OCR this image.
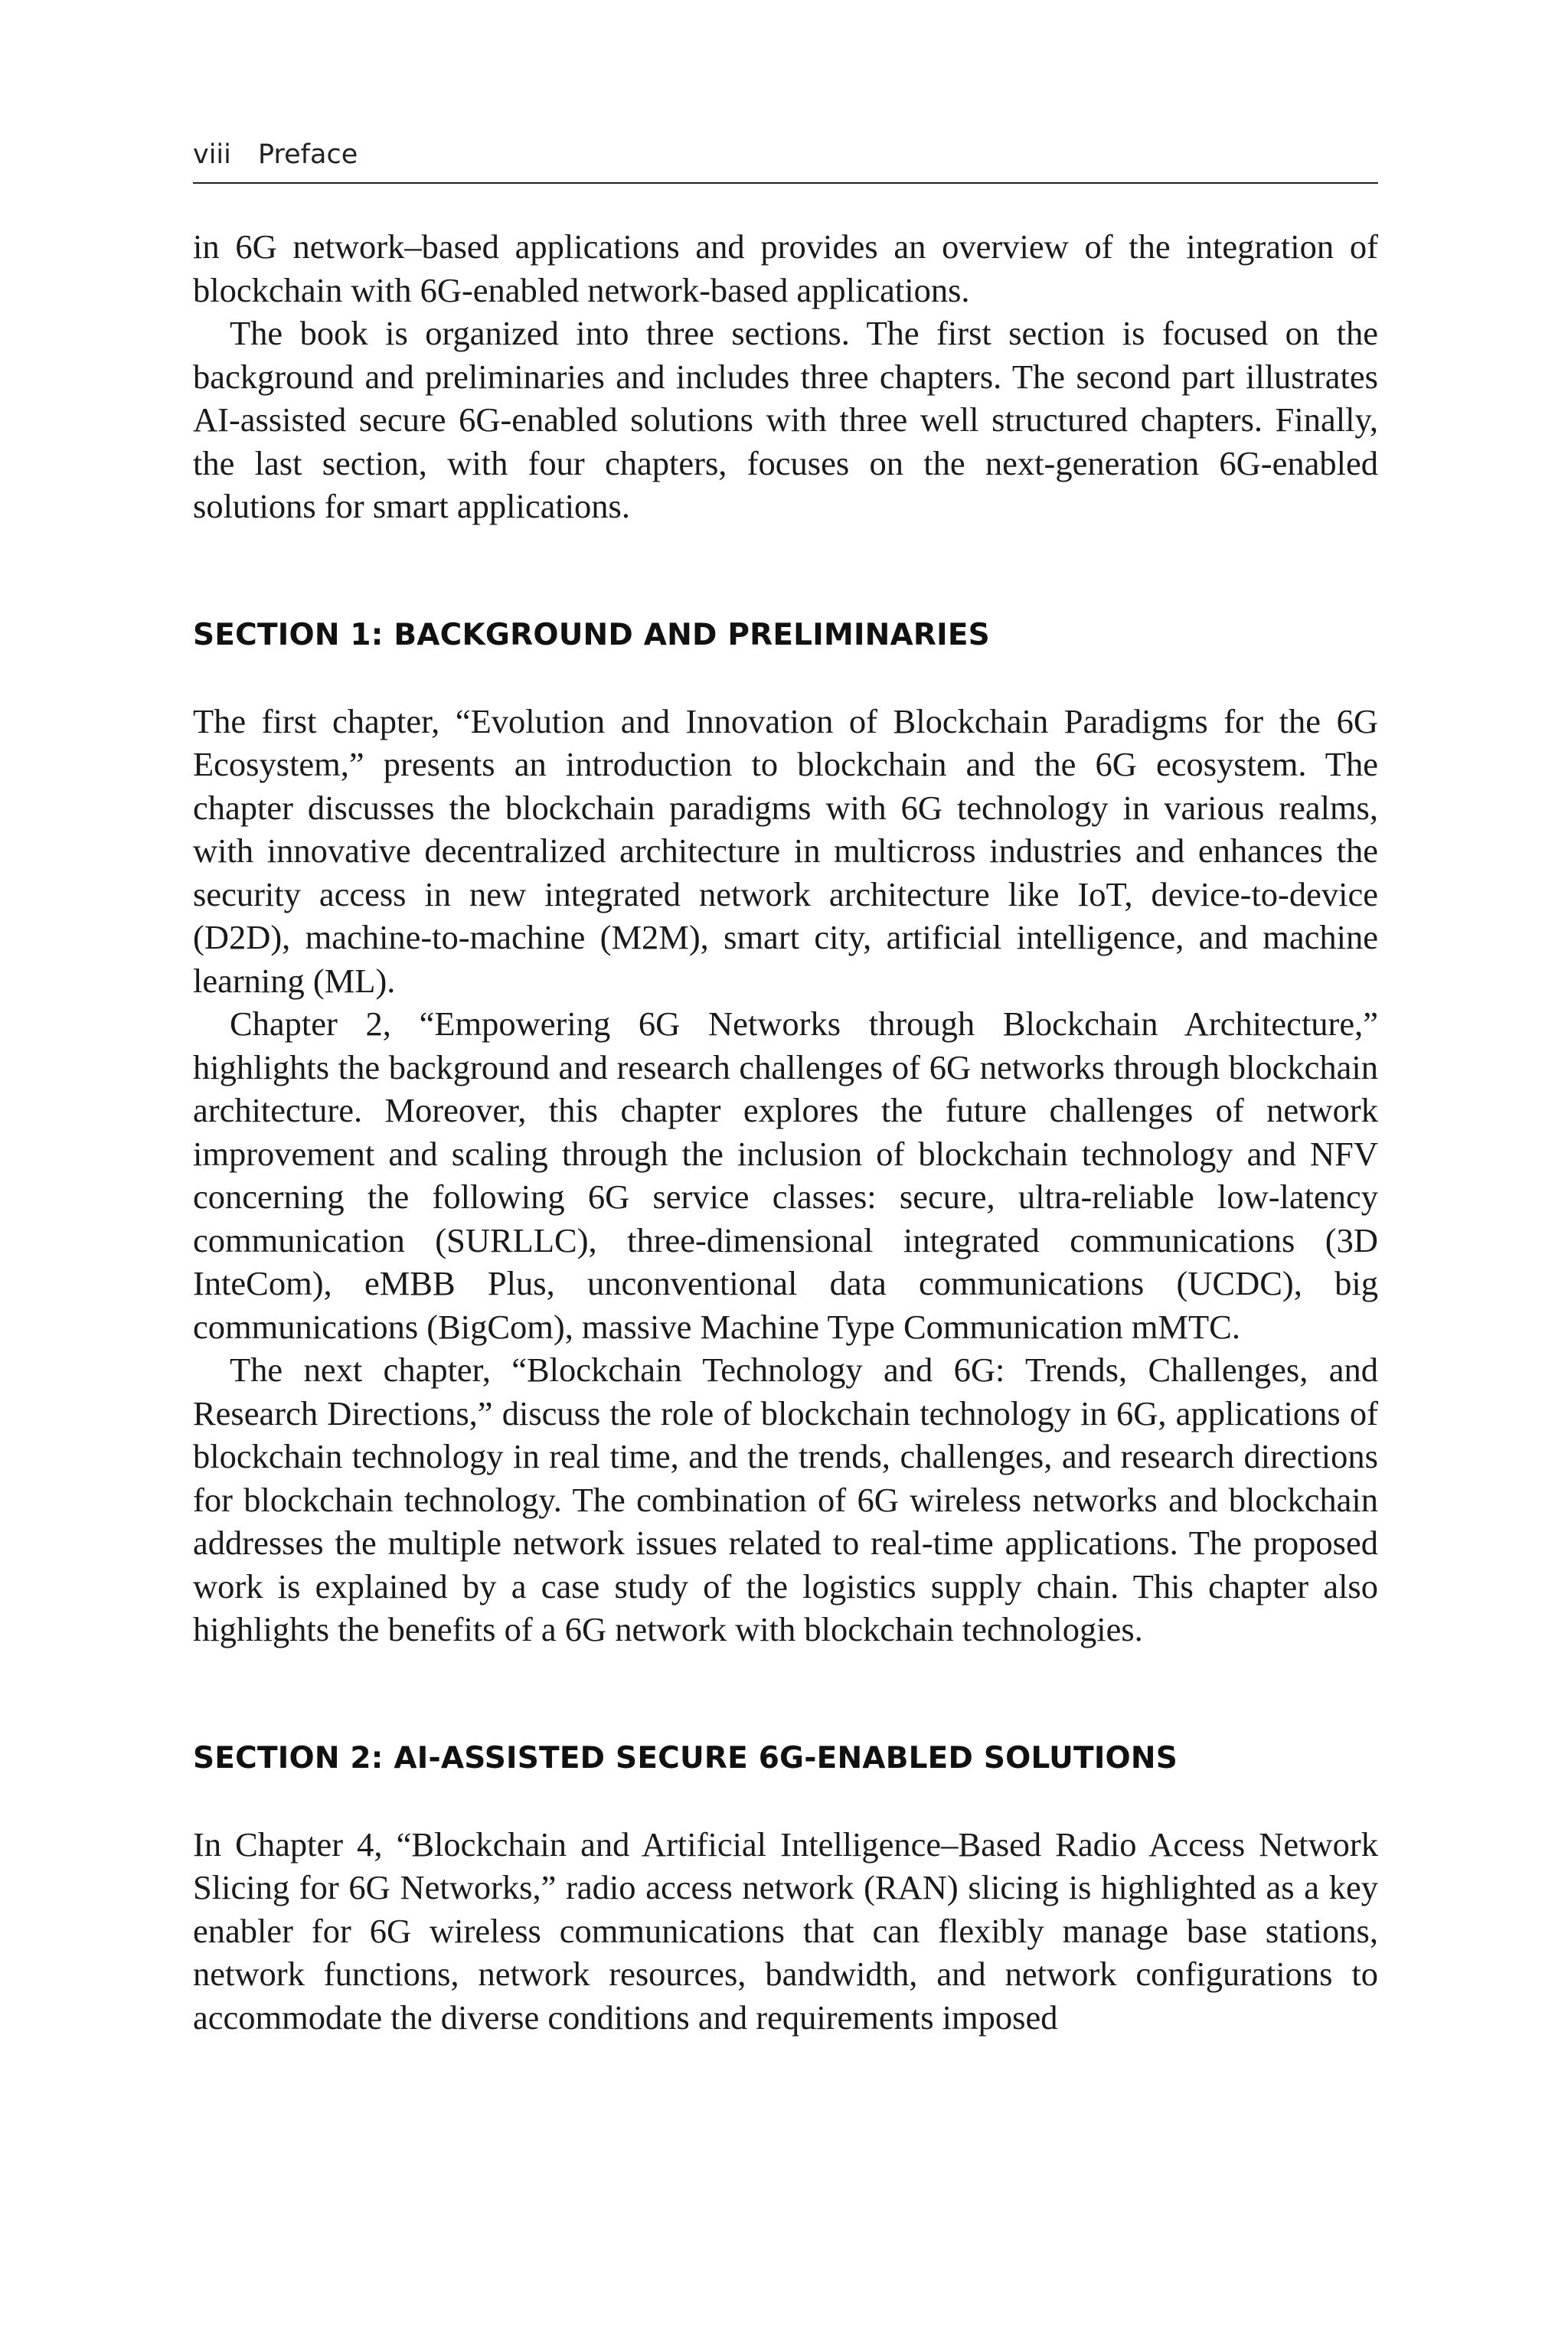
viii Preface

in 6G network–based applications and provides an overview of the integration of blockchain with 6G-enabled network-based applications.

The book is organized into three sections. The first section is focused on the background and preliminaries and includes three chapters. The second part illustrates AI-assisted secure 6G-enabled solutions with three well structured chapters. Finally, the last section, with four chapters, focuses on the next-generation 6G-enabled solutions for smart applications.

SECTION 1: BACKGROUND AND PRELIMINARIES

The first chapter, “Evolution and Innovation of Blockchain Paradigms for the 6G Ecosystem,” presents an introduction to blockchain and the 6G ecosystem. The chapter discusses the blockchain paradigms with 6G technology in various realms, with innovative decentralized architecture in multicross industries and enhances the security access in new integrated network architecture like IoT, device-to-device (D2D), machine-to-machine (M2M), smart city, artificial intelligence, and machine learning (ML).

Chapter 2, “Empowering 6G Networks through Blockchain Architecture,” highlights the background and research challenges of 6G networks through blockchain architecture. Moreover, this chapter explores the future challenges of network improvement and scaling through the inclusion of blockchain technology and NFV concerning the following 6G service classes: secure, ultra-reliable low-latency communication (SURLLC), three-dimensional integrated communications (3D InteCom), eMBB Plus, unconventional data communications (UCDC), big communications (BigCom), massive Machine Type Communication mMTC.

The next chapter, “Blockchain Technology and 6G: Trends, Challenges, and Research Directions,” discuss the role of blockchain technology in 6G, applications of blockchain technology in real time, and the trends, challenges, and research directions for blockchain technology. The combination of 6G wireless networks and blockchain addresses the multiple network issues related to real-time applications. The proposed work is explained by a case study of the logistics supply chain. This chapter also highlights the benefits of a 6G network with blockchain technologies.

SECTION 2: AI-ASSISTED SECURE 6G-ENABLED SOLUTIONS

In Chapter 4, “Blockchain and Artificial Intelligence–Based Radio Access Network Slicing for 6G Networks,” radio access network (RAN) slicing is highlighted as a key enabler for 6G wireless communications that can flexibly manage base stations, network functions, network resources, bandwidth, and network configurations to accommodate the diverse conditions and requirements imposed
